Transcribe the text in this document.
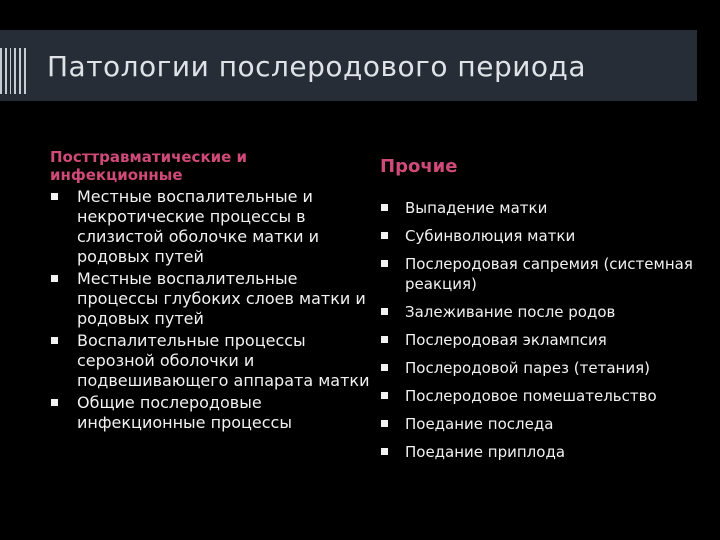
Патологии послеродового периода
Посттравматические и инфекционные
Местные воспалительные и некротические процессы в слизистой оболочке матки и родовых путей
Местные воспалительные процессы глубоких слоев матки и родовых путей
Воспалительные процессы серозной оболочки и подвешивающего аппарата матки
Общие послеродовые инфекционные процессы
Прочие
Выпадение матки
Субинволюция матки
Послеродовая сапремия (системная реакция)
Залеживание после родов
Послеродовая эклампсия
Послеродовой парез (тетания)
Послеродовое помешательство
Поедание последа
Поедание приплода
